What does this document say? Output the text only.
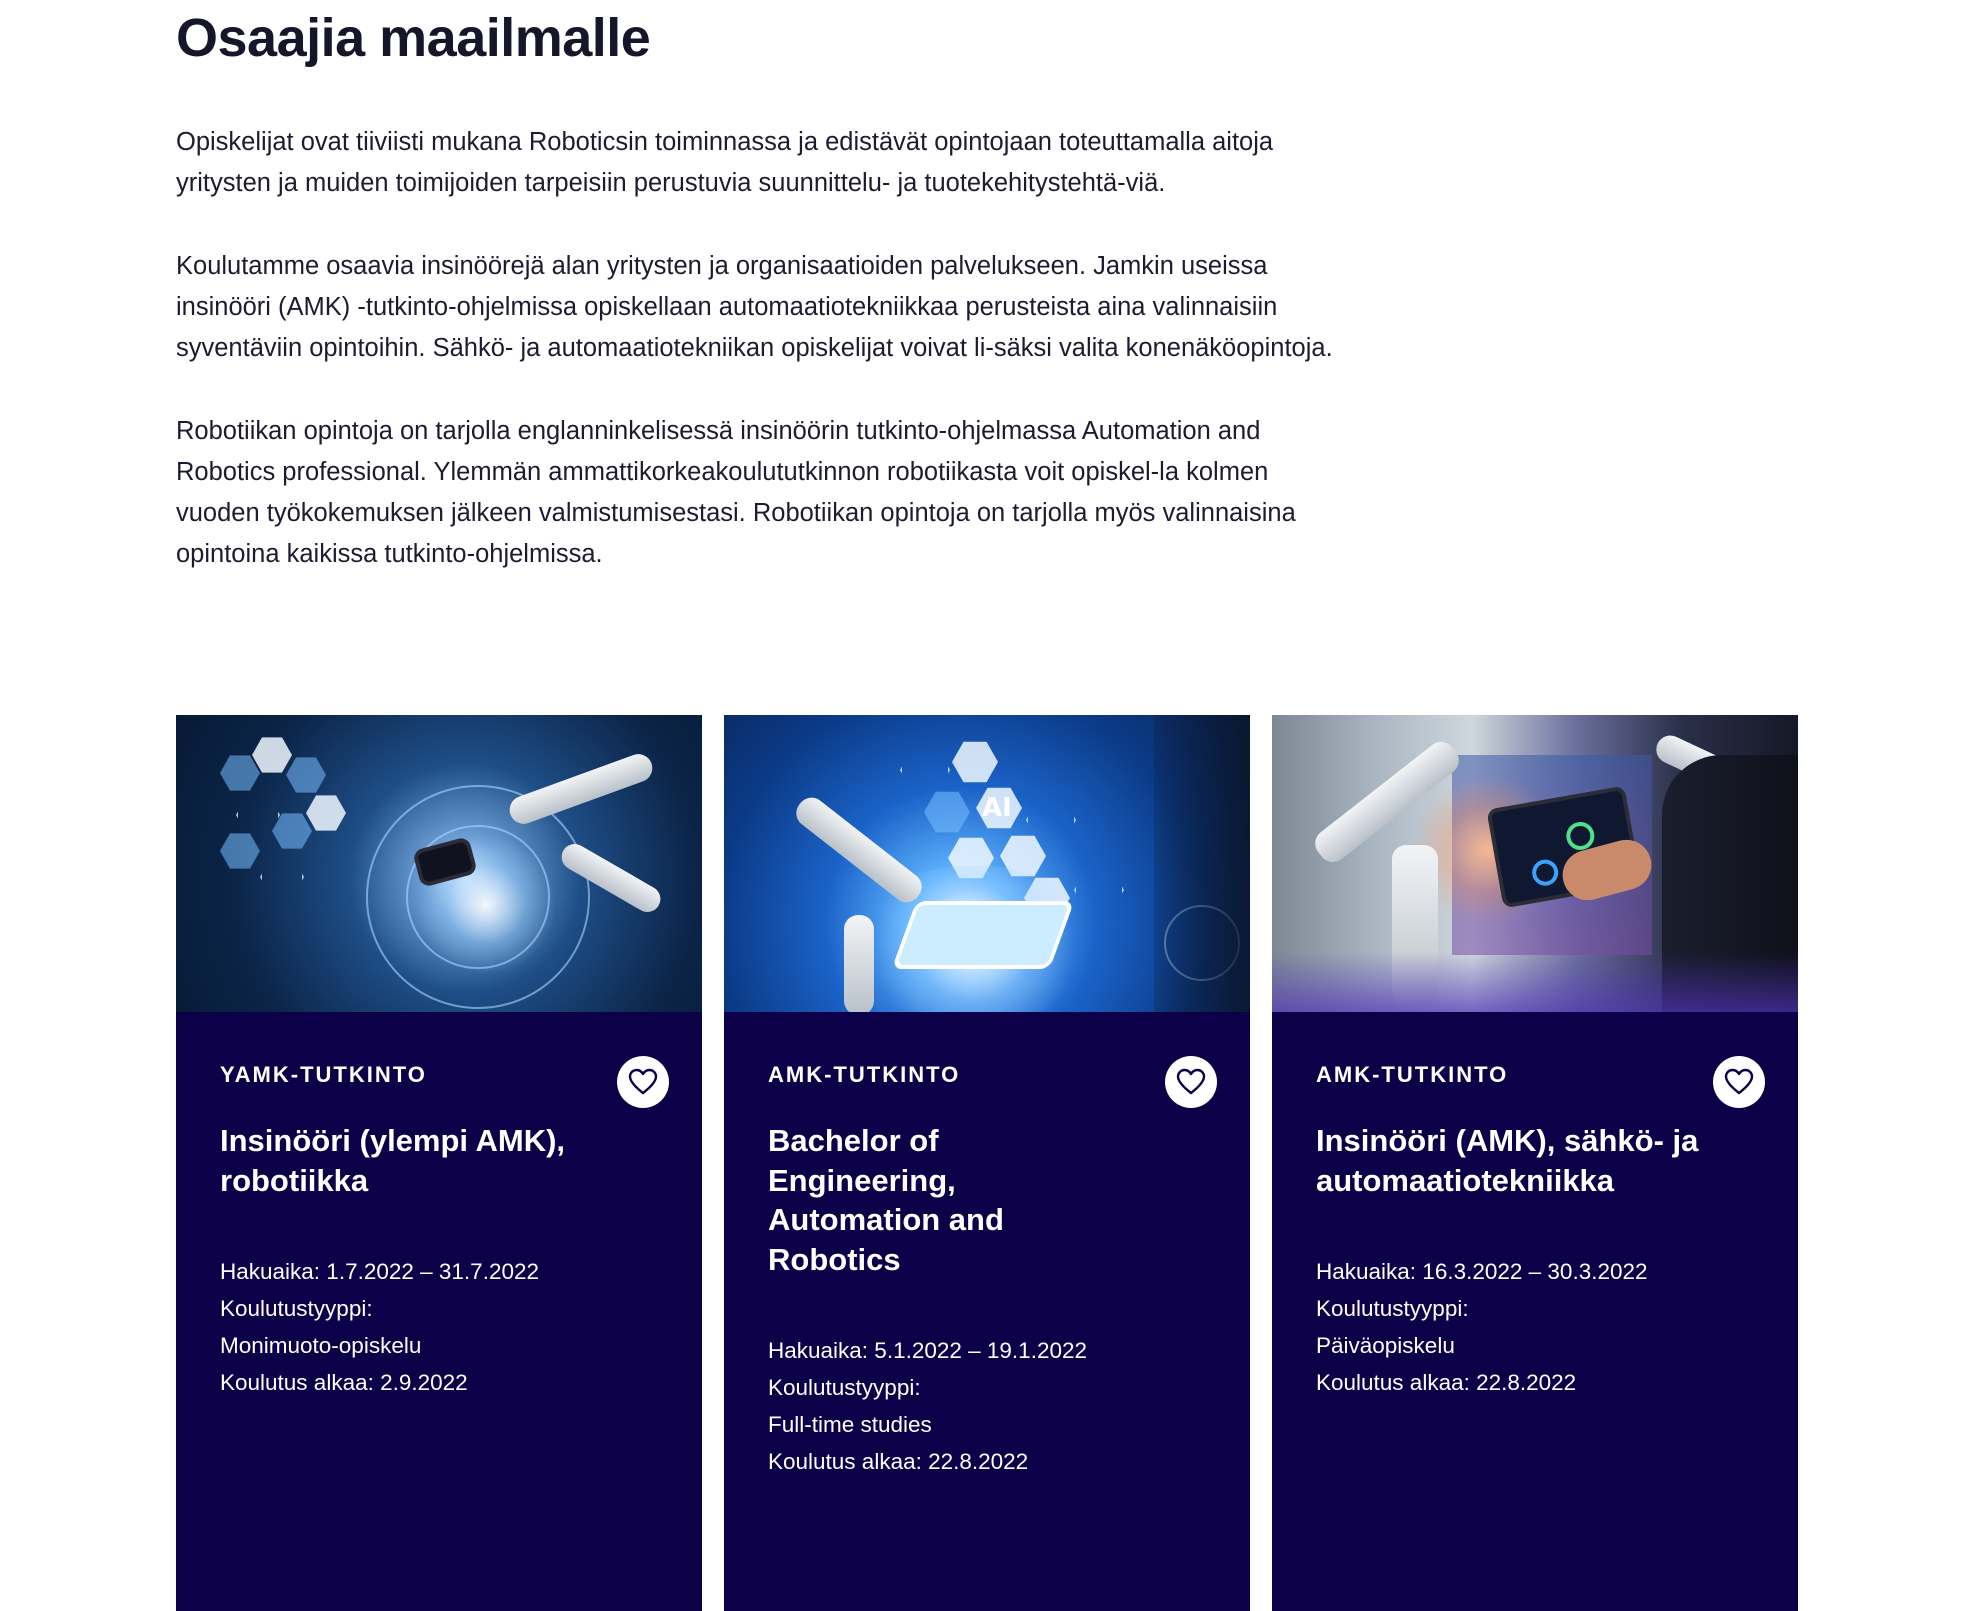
Osaajia maailmalle

Opiskelijat ovat tiiviisti mukana Roboticsin toiminnassa ja edistävät opintojaan toteuttamalla aitoja yritysten ja muiden toimijoiden tarpeisiin perustuvia suunnittelu- ja tuotekehitystehtä-viä.

Koulutamme osaavia insinöörejä alan yritysten ja organisaatioiden palvelukseen. Jamkin useissa insinööri (AMK) -tutkinto-ohjelmissa opiskellaan automaatiotekniikkaa perusteista aina valinnaisiin syventäviin opintoihin. Sähkö- ja automaatiotekniikan opiskelijat voivat li-säksi valita konenäköopintoja.

Robotiikan opintoja on tarjolla englanninkelisessä insinöörin tutkinto-ohjelmassa Automation and Robotics professional. Ylemmän ammattikorkeakoulututkinnon robotiikasta voit opiskel-la kolmen vuoden työkokemuksen jälkeen valmistumisestasi. Robotiikan opintoja on tarjolla myös valinnaisina opintoina kaikissa tutkinto-ohjelmissa.

YAMK-TUTKINTO
Insinööri (ylempi AMK), robotiikka
Hakuaika: 1.7.2022 – 31.7.2022
Koulutustyyppi:
Monimuoto-opiskelu
Koulutus alkaa: 2.9.2022
AI
AMK-TUTKINTO
Bachelor of Engineering, Automation and Robotics
Hakuaika: 5.1.2022 – 19.1.2022
Koulutustyyppi:
Full-time studies
Koulutus alkaa: 22.8.2022
AMK-TUTKINTO
Insinööri (AMK), sähkö- ja automaatiotekniikka
Hakuaika: 16.3.2022 – 30.3.2022
Koulutustyyppi:
Päiväopiskelu
Koulutus alkaa: 22.8.2022
